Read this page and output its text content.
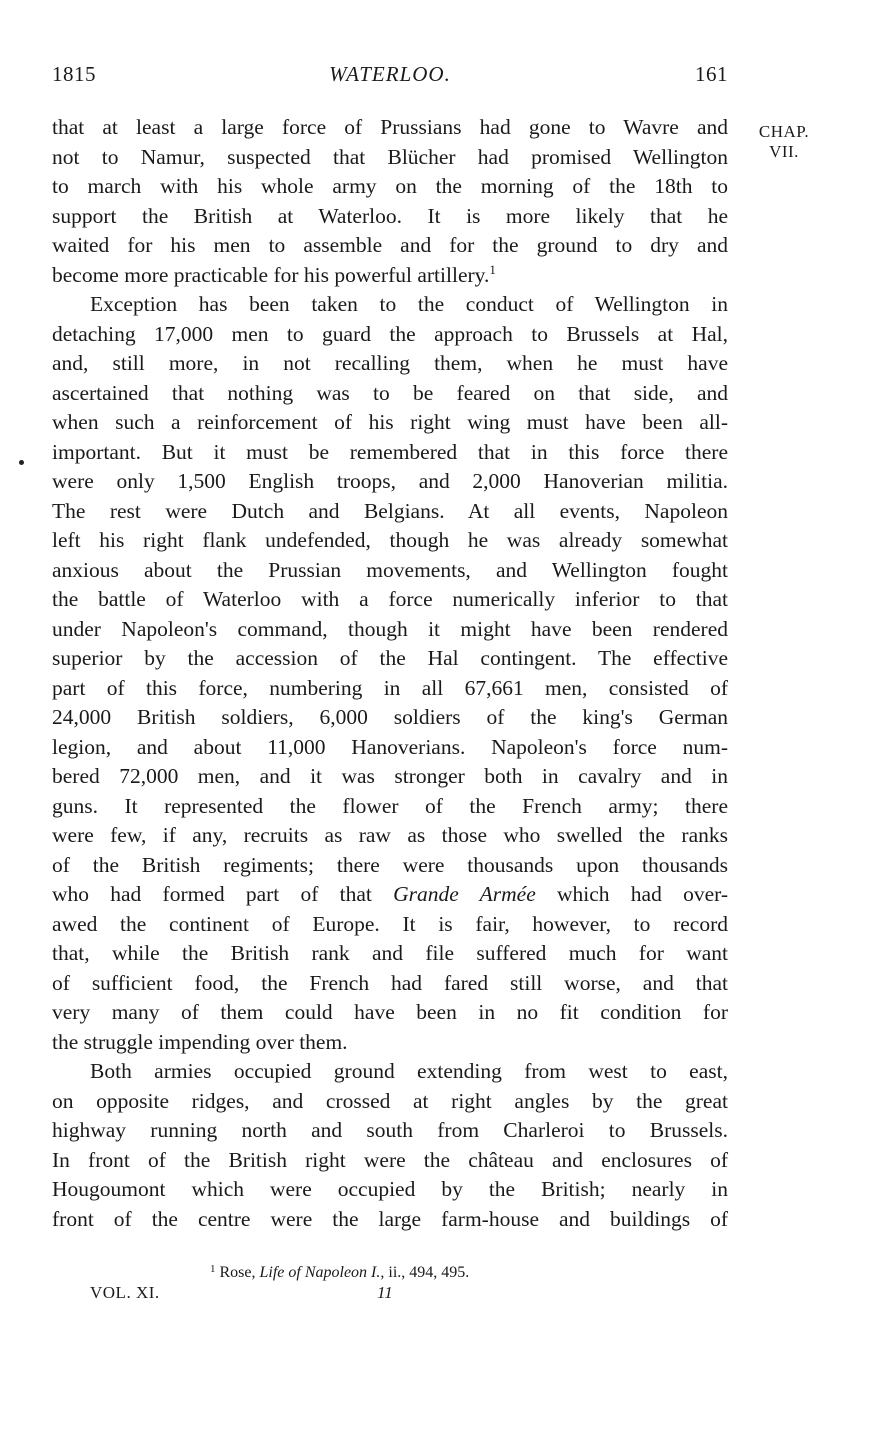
1815	WATERLOO.	161
CHAP.
VII.
that at least a large force of Prussians had gone to Wavre and
not to Namur, suspected that Blücher had promised Wellington
to march with his whole army on the morning of the 18th to
support the British at Waterloo. It is more likely that he
waited for his men to assemble and for the ground to dry and
become more practicable for his powerful artillery.$^1$
Exception has been taken to the conduct of Wellington in
detaching 17,000 men to guard the approach to Brussels at Hal,
and, still more, in not recalling them, when he must have
ascertained that nothing was to be feared on that side, and
when such a reinforcement of his right wing must have been all-
important. But it must be remembered that in this force there
were only 1,500 English troops, and 2,000 Hanoverian militia.
The rest were Dutch and Belgians. At all events, Napoleon
left his right flank undefended, though he was already somewhat
anxious about the Prussian movements, and Wellington fought
the battle of Waterloo with a force numerically inferior to that
under Napoleon's command, though it might have been rendered
superior by the accession of the Hal contingent. The effective
part of this force, numbering in all 67,661 men, consisted of
24,000 British soldiers, 6,000 soldiers of the king's German
legion, and about 11,000 Hanoverians. Napoleon's force num-
bered 72,000 men, and it was stronger both in cavalry and in
guns. It represented the flower of the French army; there
were few, if any, recruits as raw as those who swelled the ranks
of the British regiments; there were thousands upon thousands
who had formed part of that Grande Armée which had over-
awed the continent of Europe. It is fair, however, to record
that, while the British rank and file suffered much for want
of sufficient food, the French had fared still worse, and that
very many of them could have been in no fit condition for
the struggle impending over them.
Both armies occupied ground extending from west to east,
on opposite ridges, and crossed at right angles by the great
highway running north and south from Charleroi to Brussels.
In front of the British right were the château and enclosures of
Hougoumont which were occupied by the British; nearly in
front of the centre were the large farm-house and buildings of
$^1$ Rose, Life of Napoleon I., ii., 494, 495.
VOL. XI.	11
